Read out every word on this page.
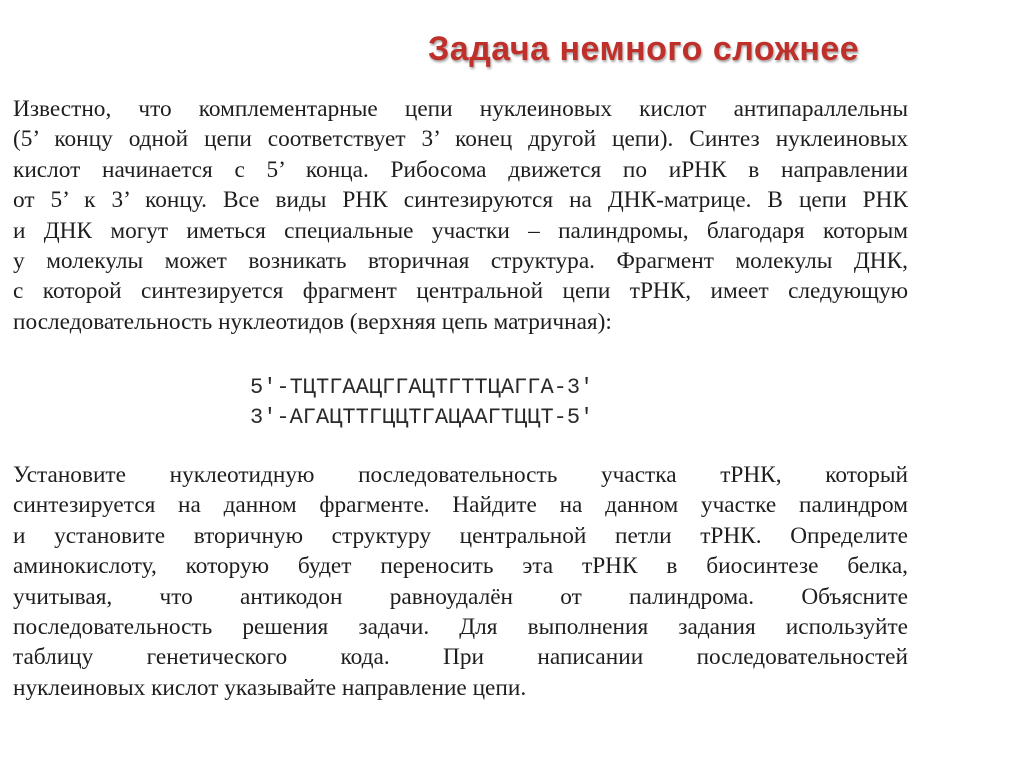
Задача немного сложнее
Известно, что комплементарные цепи нуклеиновых кислот антипараллельны
(5’ концу одной цепи соответствует 3’ конец другой цепи). Синтез нуклеиновых
кислот начинается с 5’ конца. Рибосома движется по иРНК в направлении
от 5’ к 3’ концу. Все виды РНК синтезируются на ДНК-матрице. В цепи РНК
и ДНК могут иметься специальные участки – палиндромы, благодаря которым
у молекулы может возникать вторичная структура. Фрагмент молекулы ДНК,
с которой синтезируется фрагмент центральной цепи тРНК, имеет следующую
последовательность нуклеотидов (верхняя цепь матричная):
5'-ТЦТГААЦГГАЦТГТТЦАГГА-3'
3'-АГАЦТТГЦЦТГАЦААГТЦЦТ-5'
Установите нуклеотидную последовательность участка тРНК, который
синтезируется на данном фрагменте. Найдите на данном участке палиндром
и установите вторичную структуру центральной петли тРНК. Определите
аминокислоту, которую будет переносить эта тРНК в биосинтезе белка,
учитывая, что антикодон равноудалён от палиндрома. Объясните
последовательность решения задачи. Для выполнения задания используйте
таблицу генетического кода. При написании последовательностей
нуклеиновых кислот указывайте направление цепи.
